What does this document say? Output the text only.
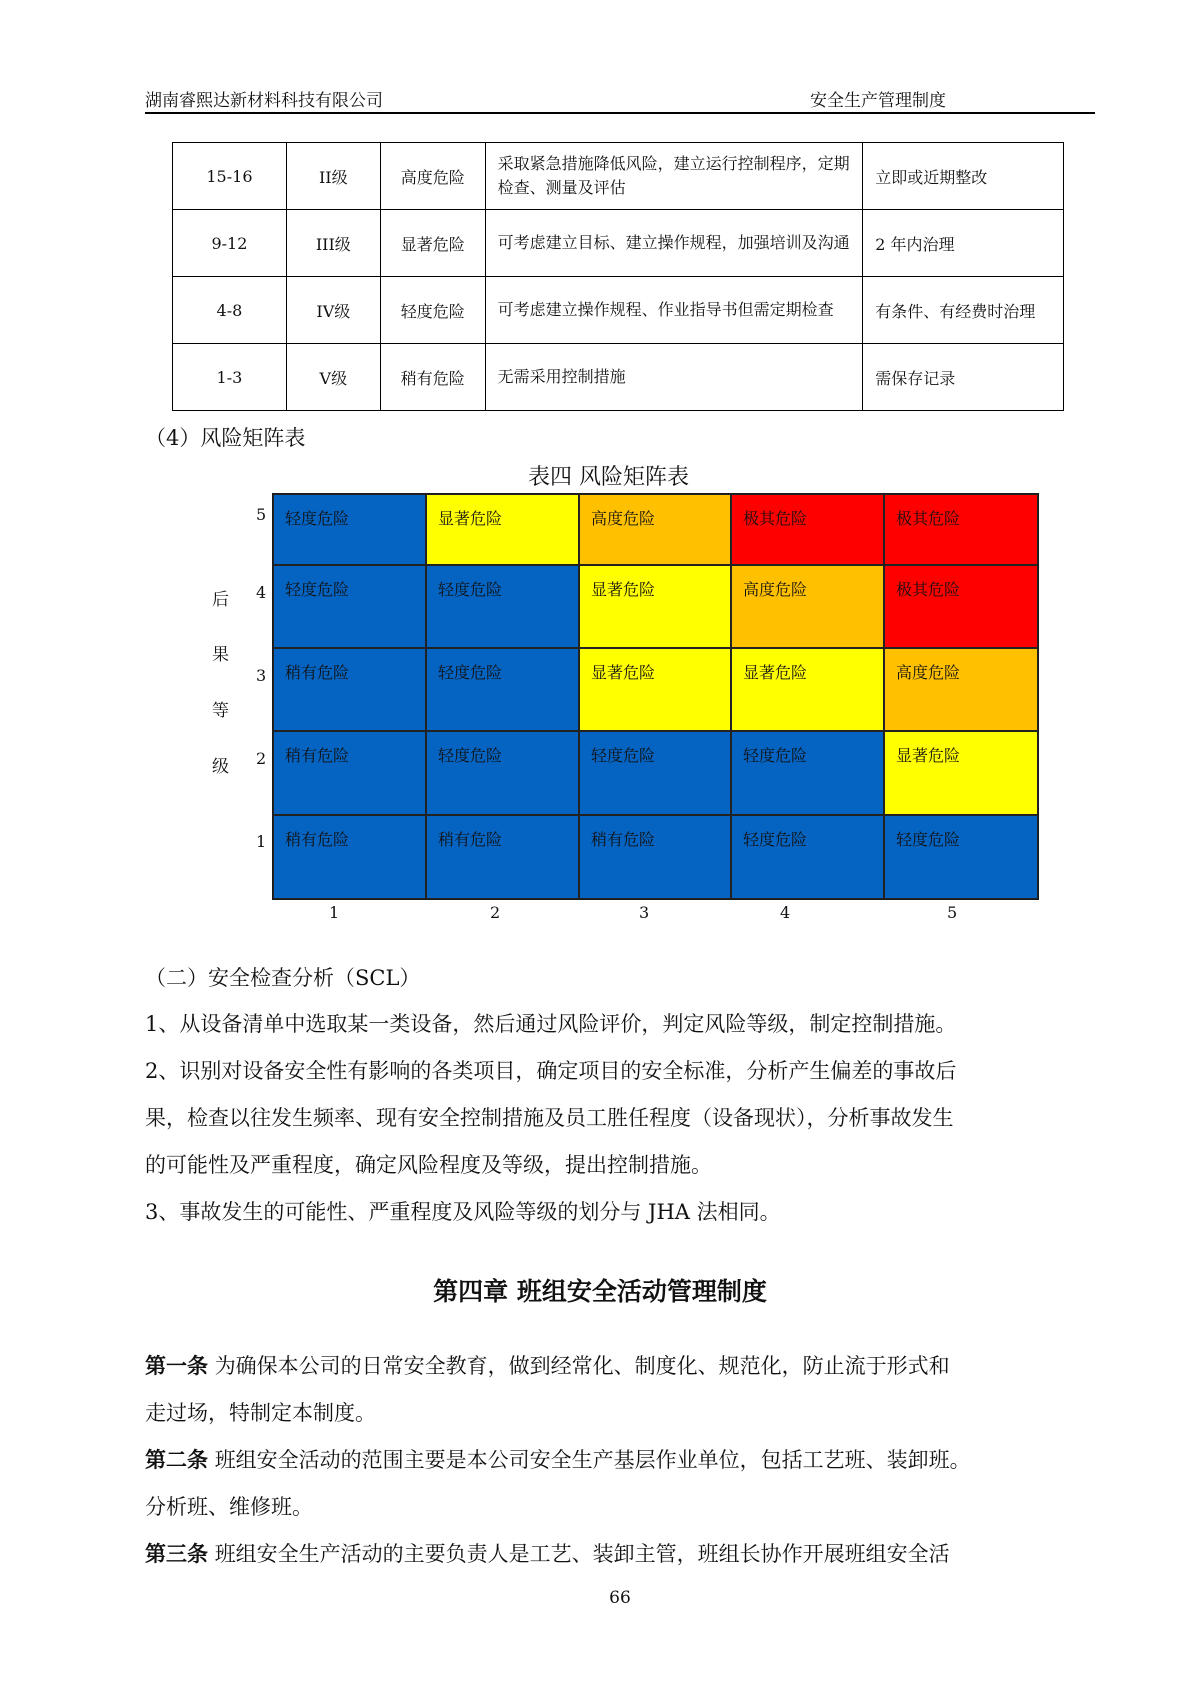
湖南睿熙达新材料科技有限公司	安全生产管理制度
15-16	II级	高度危险	采取紧急措施降低风险，建立运行控制程序，定期检查、测量及评估	立即或近期整改
9-12	III级	显著危险	可考虑建立目标、建立操作规程，加强培训及沟通	2 年内治理
4-8	IV级	轻度危险	可考虑建立操作规程、作业指导书但需定期检查	有条件、有经费时治理
1-3	V级	稍有危险	无需采用控制措施	需保存记录
（4）风险矩阵表
表四 风险矩阵表
后
果
等
级
5
4
3
2
1
轻度危险	显著危险	高度危险	极其危险	极其危险
轻度危险	轻度危险	显著危险	高度危险	极其危险
稍有危险	轻度危险	显著危险	显著危险	高度危险
稍有危险	轻度危险	轻度危险	轻度危险	显著危险
稍有危险	稍有危险	稍有危险	轻度危险	轻度危险
1	2	3	4	5
（二）安全检查分析（SCL）
1、从设备清单中选取某一类设备，然后通过风险评价，判定风险等级，制定控制措施。
2、识别对设备安全性有影响的各类项目，确定项目的安全标准，分析产生偏差的事故后
果，检查以往发生频率、现有安全控制措施及员工胜任程度（设备现状），分析事故发生
的可能性及严重程度，确定风险程度及等级，提出控制措施。
3、事故发生的可能性、严重程度及风险等级的划分与 JHA 法相同。
第四章 班组安全活动管理制度
第一条 为确保本公司的日常安全教育，做到经常化、制度化、规范化，防止流于形式和
走过场，特制定本制度。
第二条 班组安全活动的范围主要是本公司安全生产基层作业单位，包括工艺班、装卸班。
分析班、维修班。
第三条 班组安全生产活动的主要负责人是工艺、装卸主管，班组长协作开展班组安全活
66
